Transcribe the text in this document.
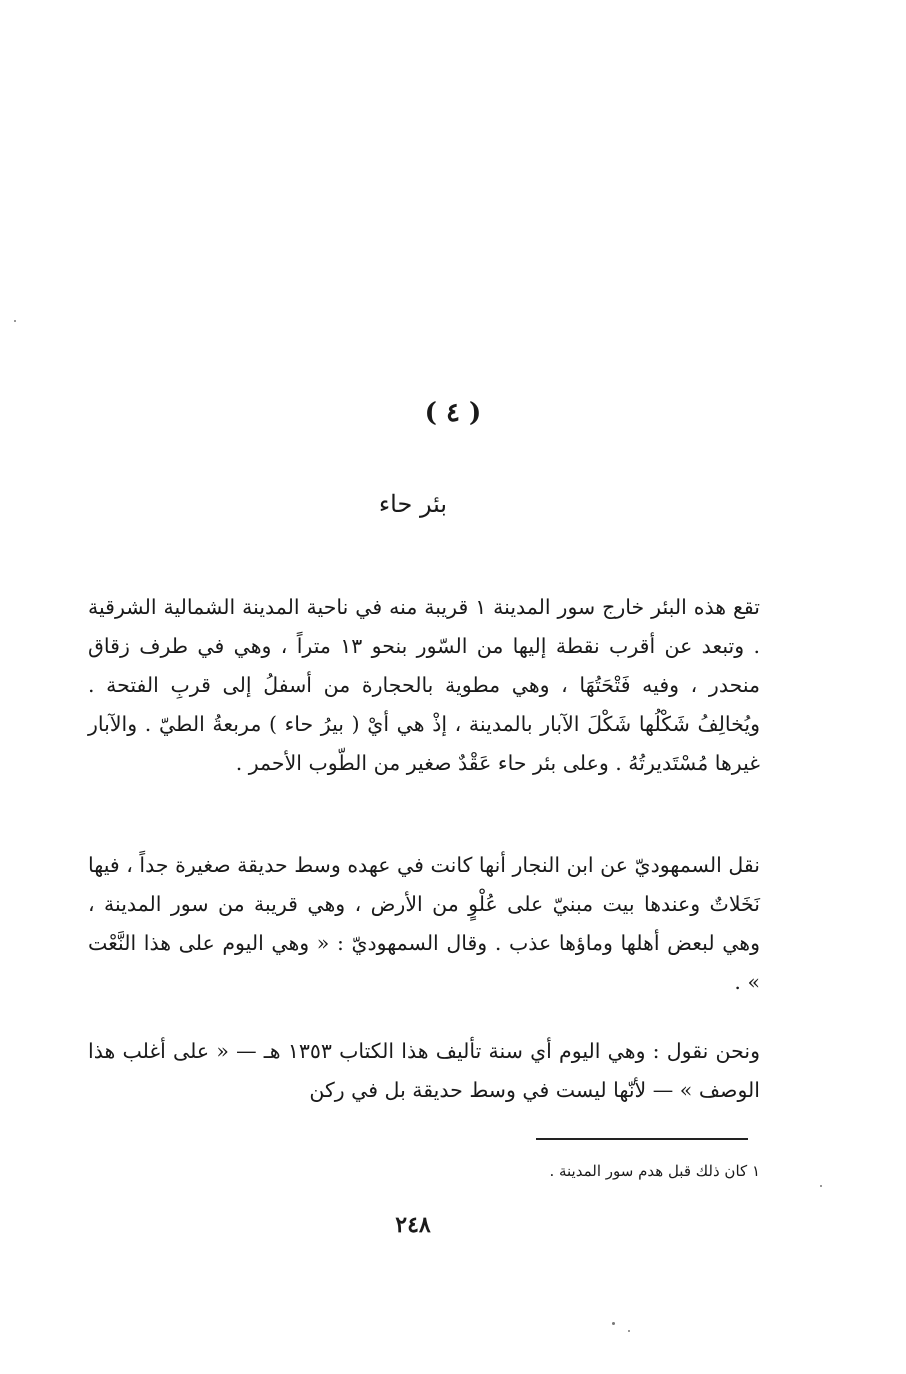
( ٤ )
بئر حاء

تقع هذه البئر خارج سور المدينة ١ قريبة منه في ناحية المدينة الشمالية الشرقية . وتبعد عن أقرب نقطة إليها من السّور بنحو ١٣ متراً ، وهي في طرف زقاق منحدر ، وفيه فَتْحَتُهَا ، وهي مطوية بالحجارة من أسفلُ إلى قربِ الفتحة . ويُخالِفُ شَكْلُها شَكْلَ الآبار بالمدينة ، إذْ هي أيْ ( بيرُ حاء ) مربعةُ الطيّ . والآبار غيرها مُسْتَديرتُهُ . وعلى بئر حاء عَقْدٌ صغير من الطّوب الأحمر .

نقل السمهوديّ عن ابن النجار أنها كانت في عهده وسط حديقة صغيرة جداً ، فيها نَخَلاتٌ وعندها بيت مبنيّ على عُلْوٍ من الأرض ، وهي قريبة من سور المدينة ، وهي لبعض أهلها وماؤها عذب . وقال السمهوديّ : « وهي اليوم على هذا النَّعْت » .

ونحن نقول : وهي اليوم أي سنة تأليف هذا الكتاب ١٣٥٣ هـ — « على أغلب هذا الوصف » — لأنّها ليست في وسط حديقة بل في ركن

١ كان ذلك قبل هدم سور المدينة .
٢٤٨
